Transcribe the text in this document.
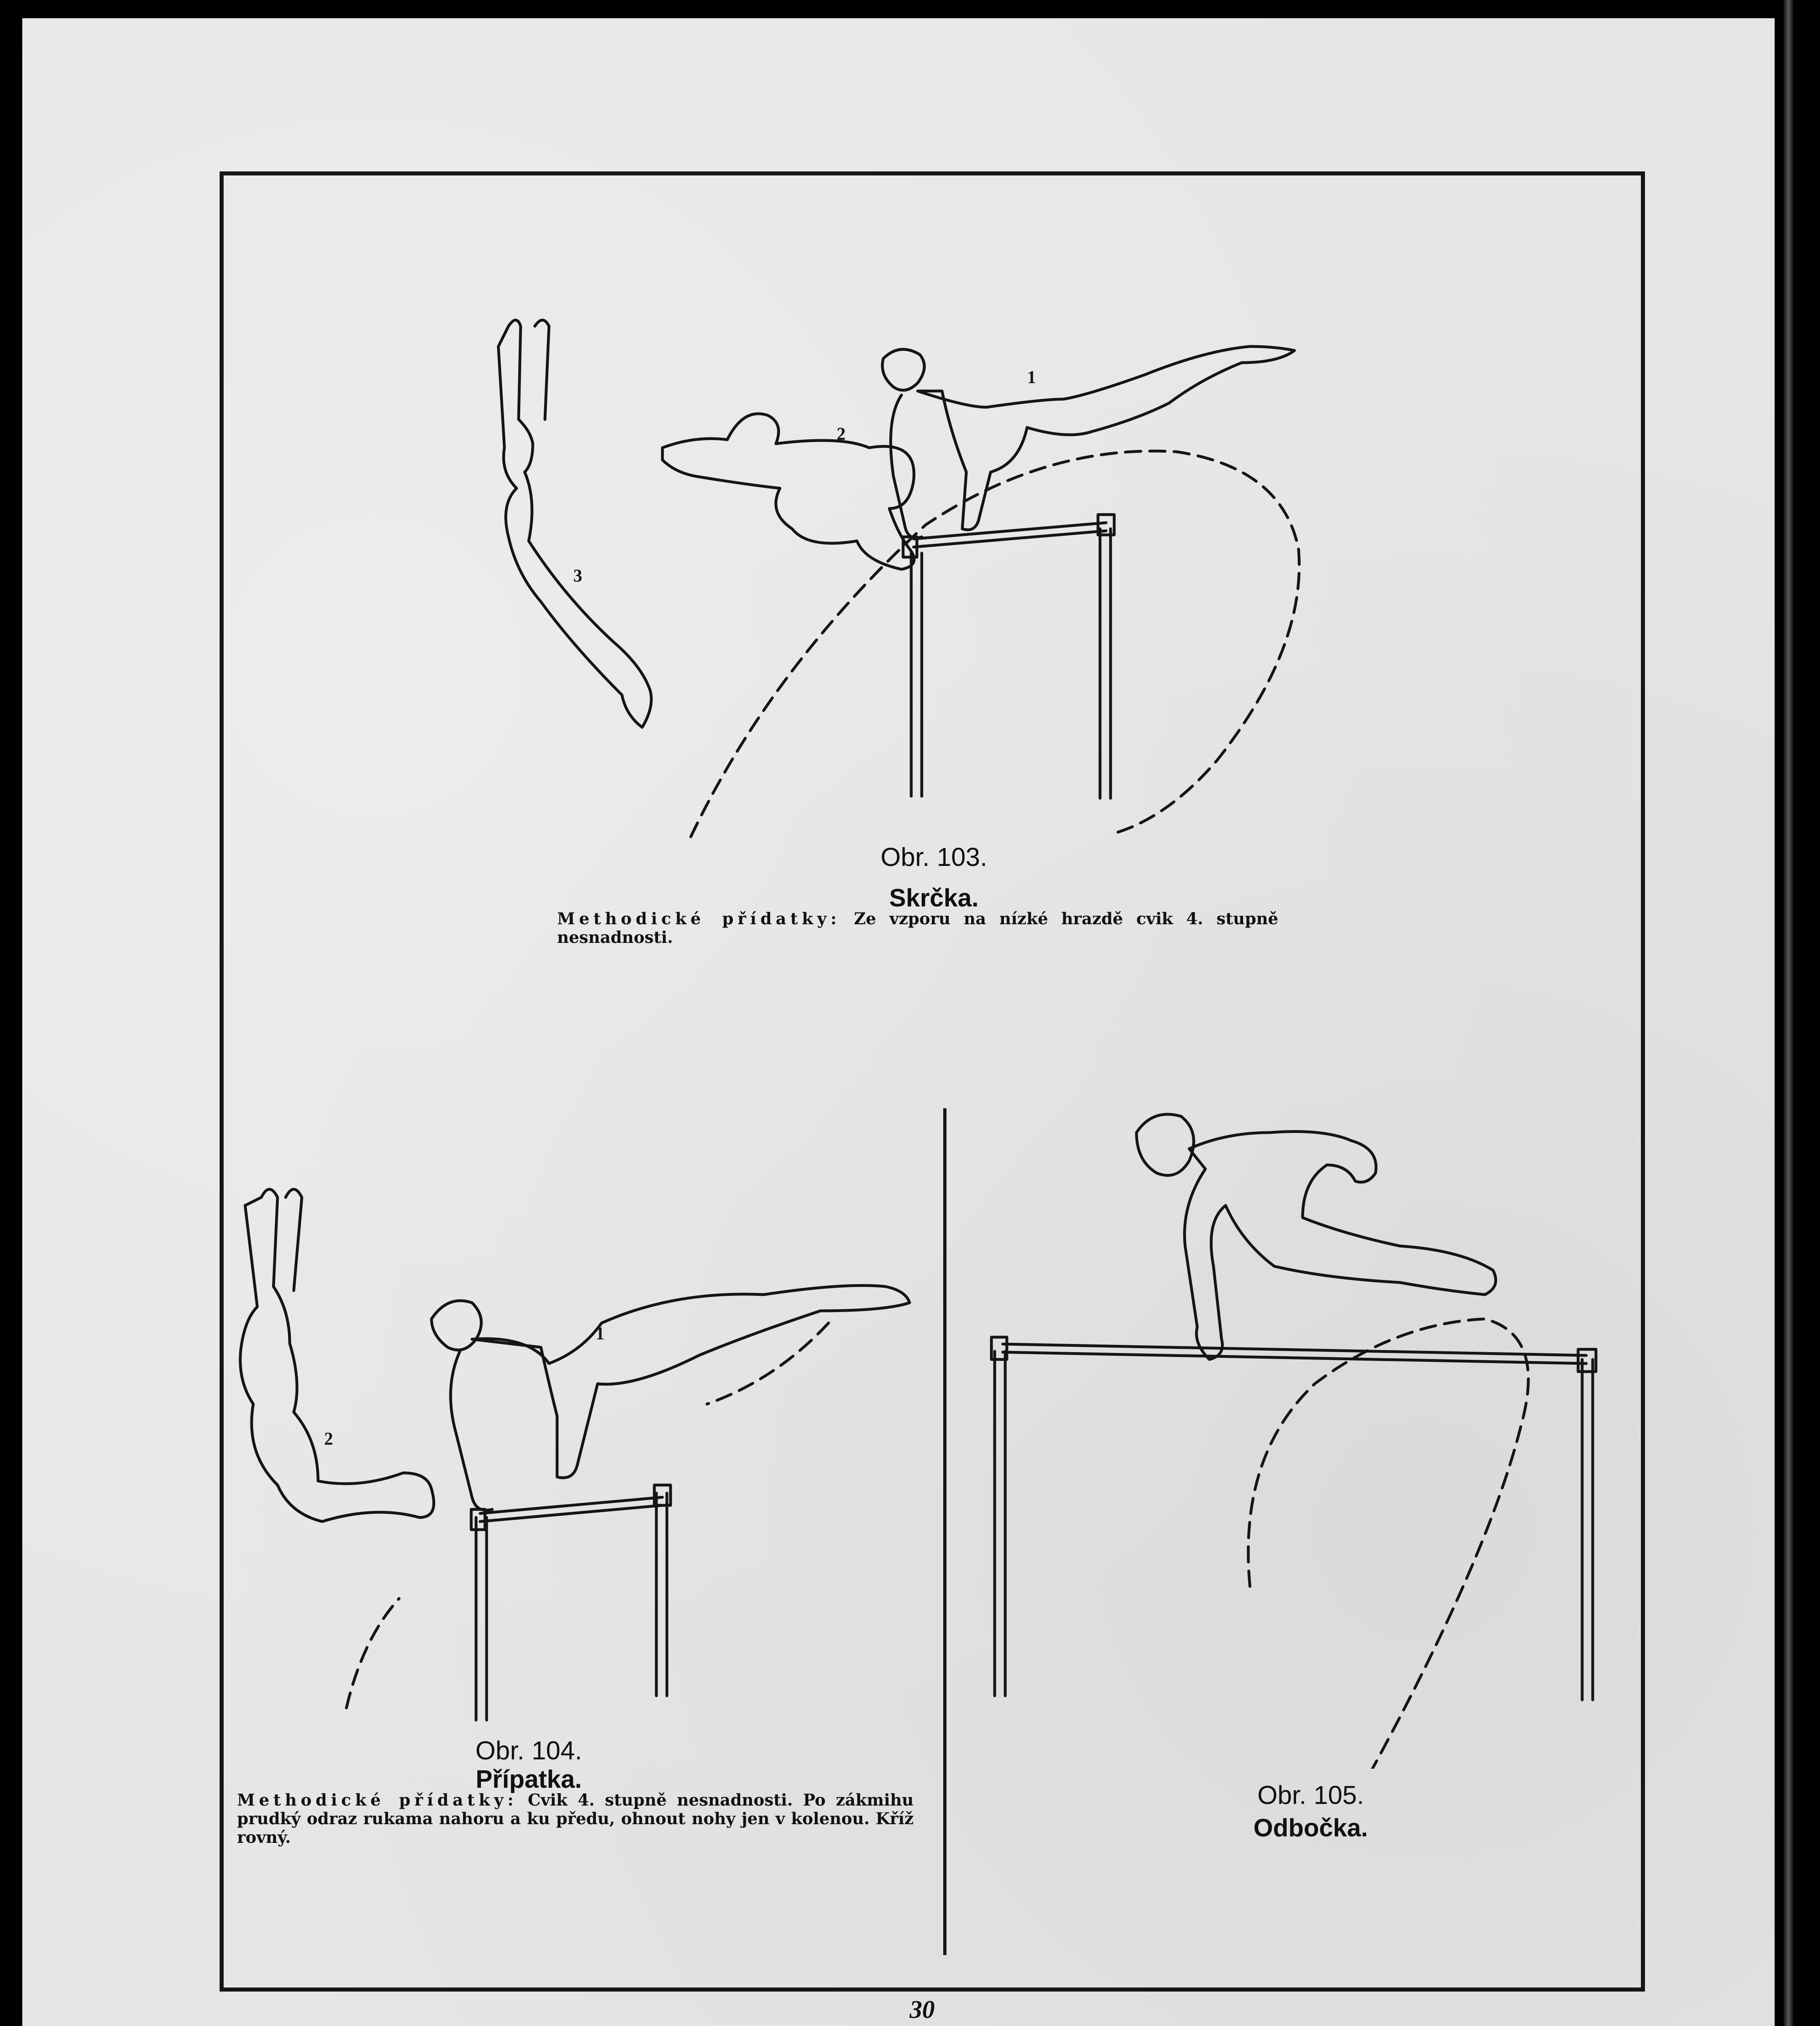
1
2
3
Obr. 103.
Skrčka.
Methodické přídatky: Ze vzporu na nízké hrazdě cvik 4. stupně nesnadnosti.
1
2
Obr. 104.
Přípatka.
Methodické přídatky: Cvik 4. stupně nesnadnosti. Po zákmihu prudký odraz rukama nahoru a ku předu, ohnout nohy jen v kolenou. Kříž rovný.
Obr. 105.
Odbočka.
30
